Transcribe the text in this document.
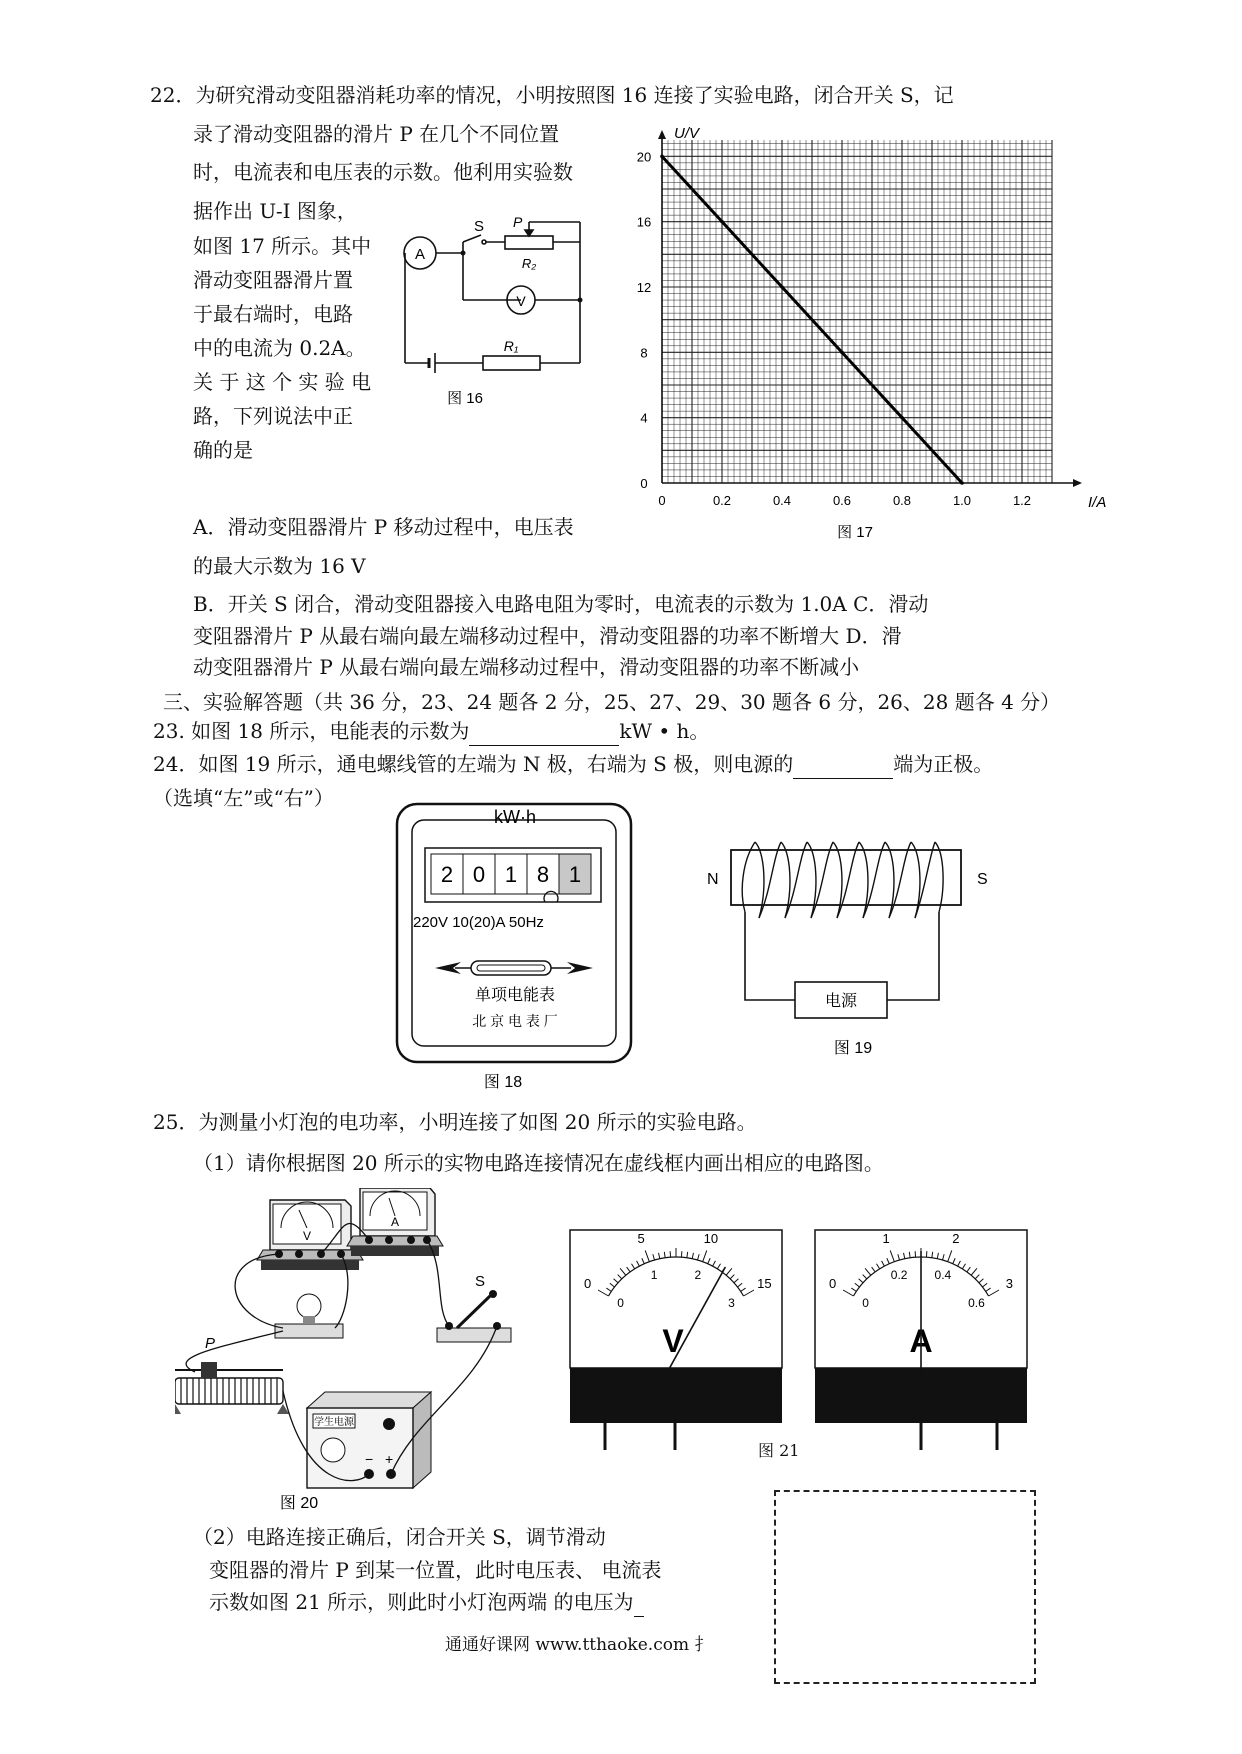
22．为研究滑动变阻器消耗功率的情况，小明按照图 16 连接了实验电路，闭合开关 S，记
录了滑动变阻器的滑片 P 在几个不同位置
时，电流表和电压表的示数。他利用实验数
据作出 U-I 图象，
如图 17 所示。其中
滑动变阻器滑片置
于最右端时，电路
中的电流为 0.2A。
关 于 这 个 实 验 电
路，下列说法中正
确的是
A
V
S P
R₂
R₁
图 16
0	0.2	0.4	0.6	0.8	1.0	1.2
0
4
8
12
16
20
I/A
U/V
图 17
A．滑动变阻器滑片 P 移动过程中，电压表
的最大示数为 16 V
B．开关 S 闭合，滑动变阻器接入电路电阻为零时，电流表的示数为 1.0A C．滑动
变阻器滑片 P 从最右端向最左端移动过程中，滑动变阻器的功率不断增大 D．滑
动变阻器滑片 P 从最右端向最左端移动过程中，滑动变阻器的功率不断减小
三、实验解答题（共 36 分，23、24 题各 2 分，25、27、29、30 题各 6 分，26、28 题各 4 分）
23. 如图 18 所示，电能表的示数为	kW • h。
24．如图 19 所示，通电螺线管的左端为 N 极，右端为 S 极，则电源的	端为正极。
（选填“左”或“右”）
kW·h
2 0 1 8 1
220V 10(20)A 50Hz
单项电能表
北 京 电 表 厂
图 18
电源
N	S
图 19
25．为测量小灯泡的电功率，小明连接了如图 20 所示的实验电路。
（1）请你根据图 20 所示的实物电路连接情况在虚线框内画出相应的电路图。
V
A
S
P
学生电源
− +
图 20
V	A
0
5	10
15
0
1	2
3
0
1	2
3
0
0.2 0.4
0.6
图 21
（2）电路连接正确后，闭合开关 S，调节滑动
变阻器的滑片 P 到某一位置，此时电压表、 电流表
示数如图 21 所示，则此时小灯泡两端 的电压为
通通好课网 www.tthaoke.com 扌
